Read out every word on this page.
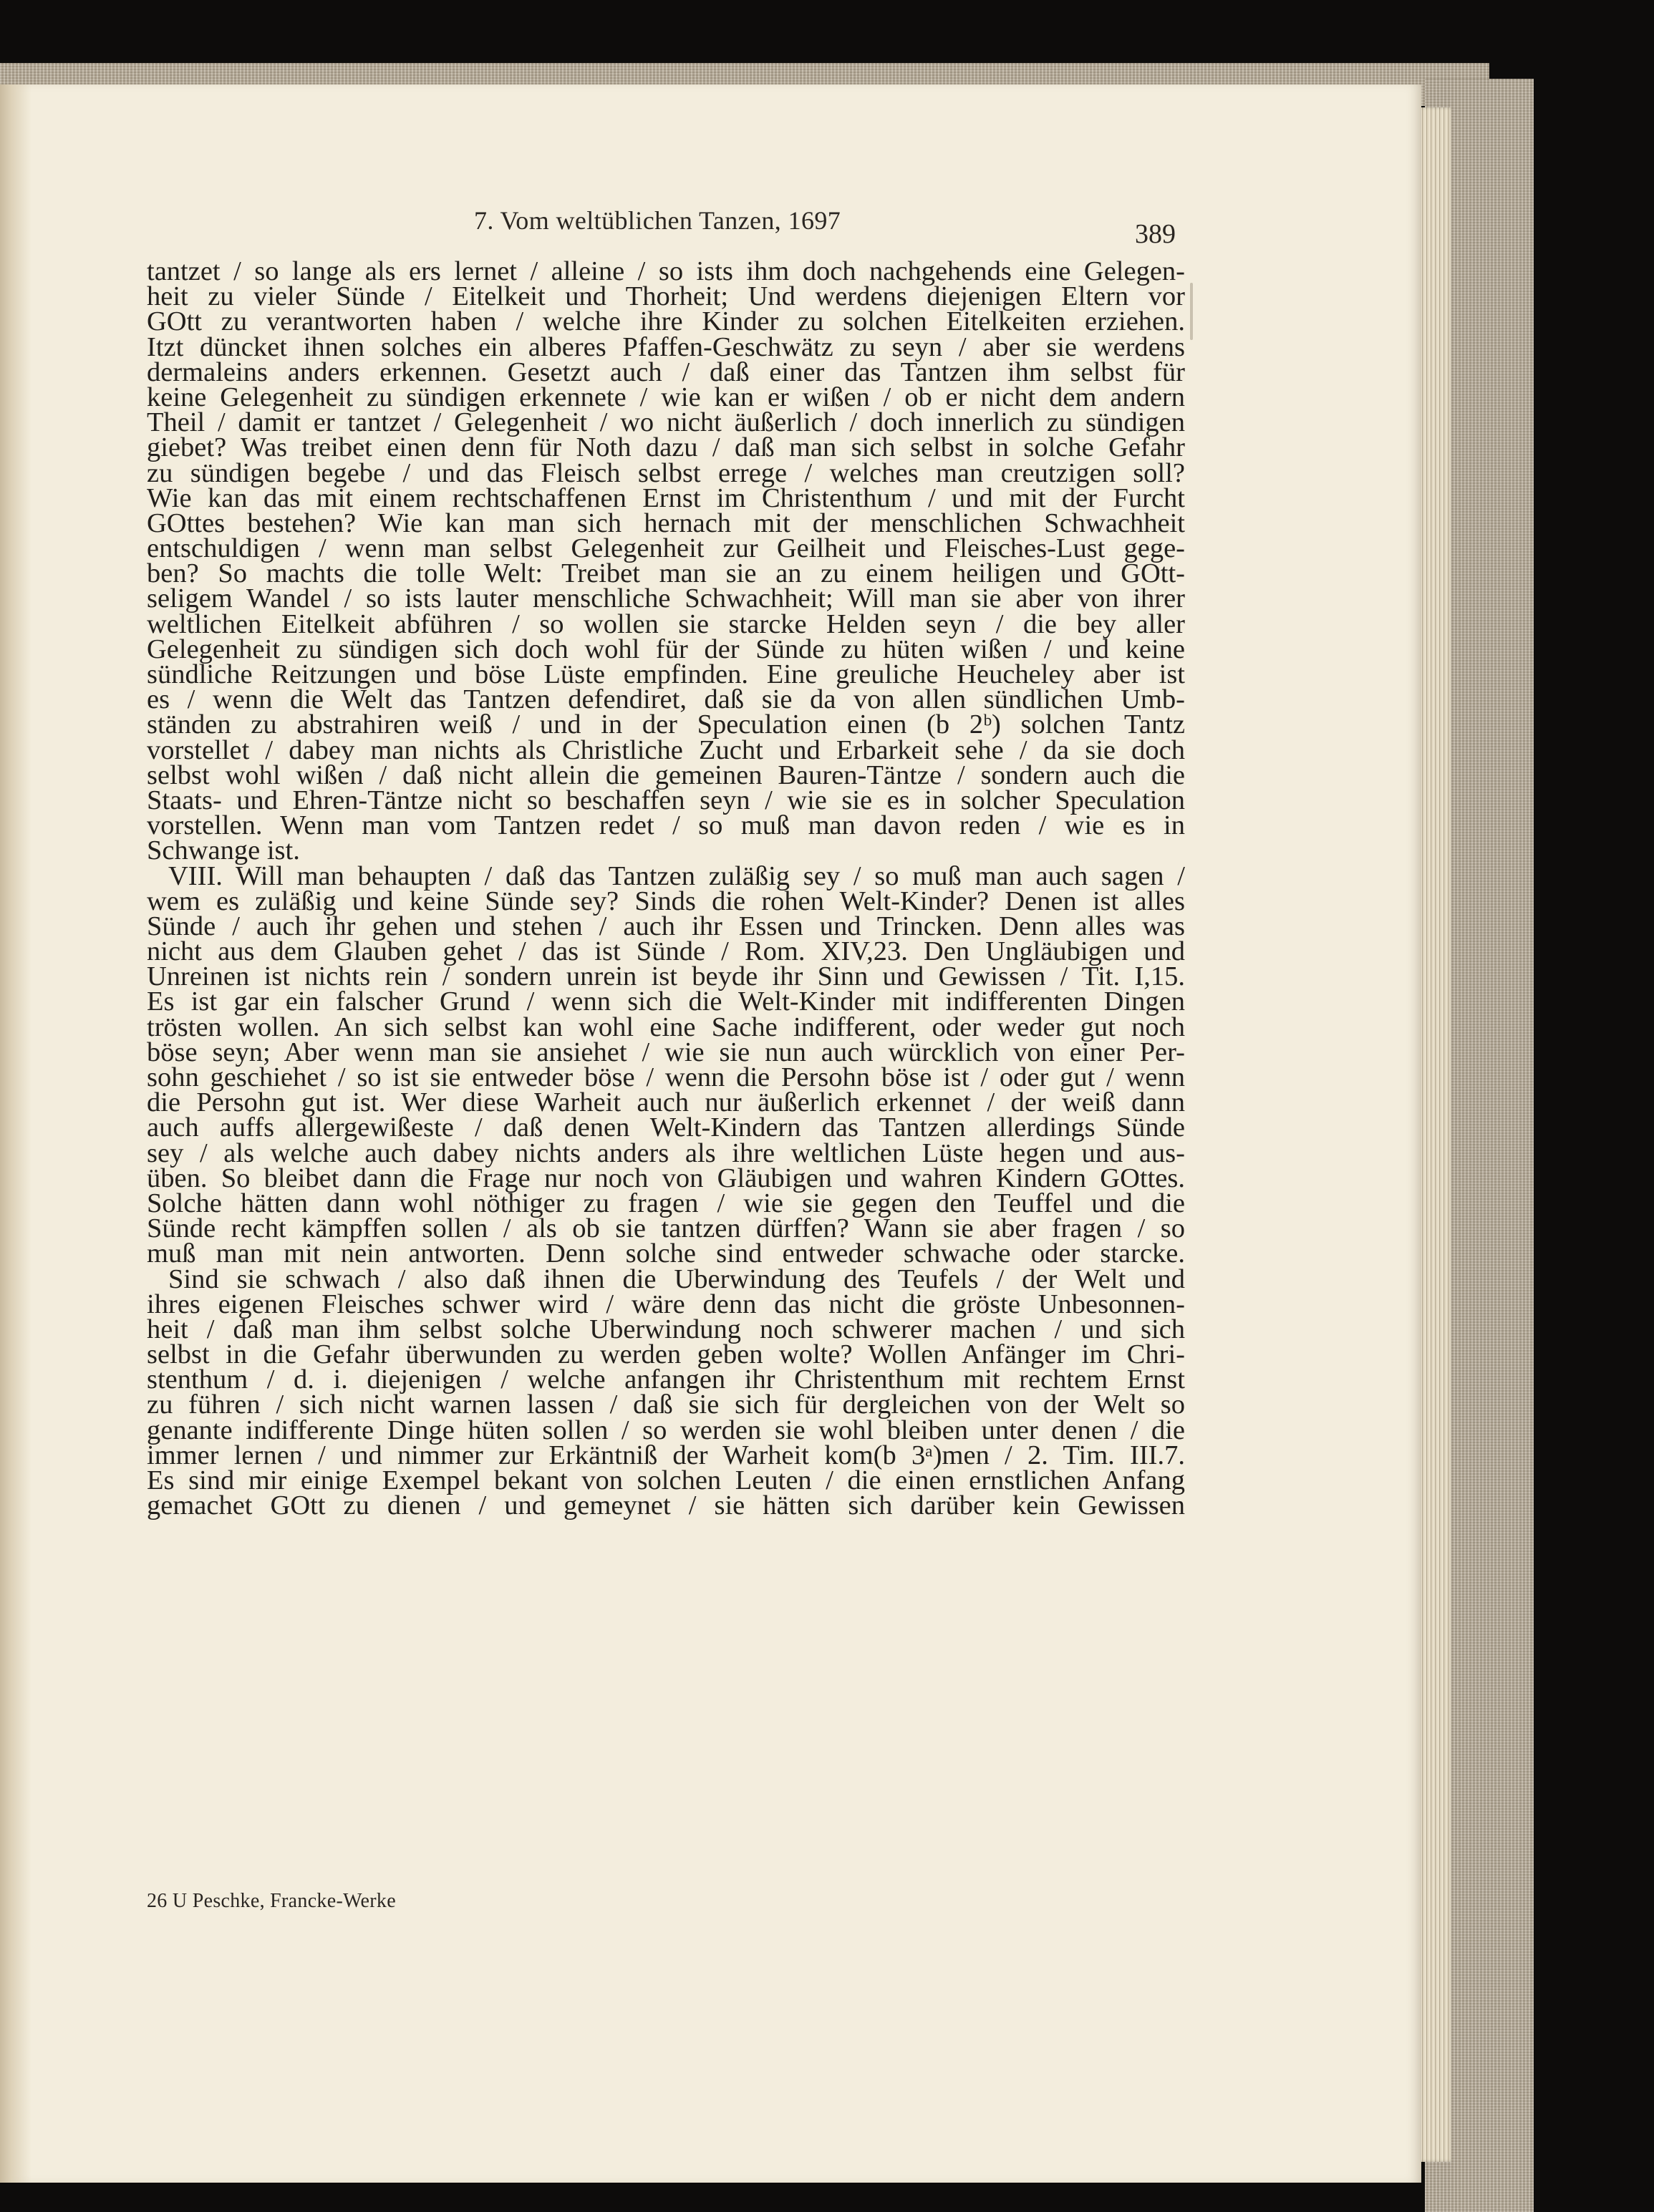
7. Vom weltüblichen Tanzen, 1697	389
tantzet / so lange als ers lernet / alleine / so ists ihm doch nachgehends eine Gelegen-
heit zu vieler Sünde / Eitelkeit und Thorheit; Und werdens diejenigen Eltern vor
GOtt zu verantworten haben / welche ihre Kinder zu solchen Eitelkeiten erziehen.
Itzt düncket ihnen solches ein alberes Pfaffen-Geschwätz zu seyn / aber sie werdens
dermaleins anders erkennen. Gesetzt auch / daß einer das Tantzen ihm selbst für
keine Gelegenheit zu sündigen erkennete / wie kan er wißen / ob er nicht dem andern
Theil / damit er tantzet / Gelegenheit / wo nicht äußerlich / doch innerlich zu sündigen
giebet? Was treibet einen denn für Noth dazu / daß man sich selbst in solche Gefahr
zu sündigen begebe / und das Fleisch selbst errege / welches man creutzigen soll?
Wie kan das mit einem rechtschaffenen Ernst im Christenthum / und mit der Furcht
GOttes bestehen? Wie kan man sich hernach mit der menschlichen Schwachheit
entschuldigen / wenn man selbst Gelegenheit zur Geilheit und Fleisches-Lust gege-
ben? So machts die tolle Welt: Treibet man sie an zu einem heiligen und GOtt-
seligem Wandel / so ists lauter menschliche Schwachheit; Will man sie aber von ihrer
weltlichen Eitelkeit abführen / so wollen sie starcke Helden seyn / die bey aller
Gelegenheit zu sündigen sich doch wohl für der Sünde zu hüten wißen / und keine
sündliche Reitzungen und böse Lüste empfinden. Eine greuliche Heucheley aber ist
es / wenn die Welt das Tantzen defendiret, daß sie da von allen sündlichen Umb-
ständen zu abstrahiren weiß / und in der Speculation einen (b 2ᵇ) solchen Tantz
vorstellet / dabey man nichts als Christliche Zucht und Erbarkeit sehe / da sie doch
selbst wohl wißen / daß nicht allein die gemeinen Bauren-Täntze / sondern auch die
Staats- und Ehren-Täntze nicht so beschaffen seyn / wie sie es in solcher Speculation
vorstellen. Wenn man vom Tantzen redet / so muß man davon reden / wie es in
Schwange ist.
VIII. Will man behaupten / daß das Tantzen zuläßig sey / so muß man auch sagen /
wem es zuläßig und keine Sünde sey? Sinds die rohen Welt-Kinder? Denen ist alles
Sünde / auch ihr gehen und stehen / auch ihr Essen und Trincken. Denn alles was
nicht aus dem Glauben gehet / das ist Sünde / Rom. XIV,23. Den Ungläubigen und
Unreinen ist nichts rein / sondern unrein ist beyde ihr Sinn und Gewissen / Tit. I,15.
Es ist gar ein falscher Grund / wenn sich die Welt-Kinder mit indifferenten Dingen
trösten wollen. An sich selbst kan wohl eine Sache indifferent, oder weder gut noch
böse seyn; Aber wenn man sie ansiehet / wie sie nun auch würcklich von einer Per-
sohn geschiehet / so ist sie entweder böse / wenn die Persohn böse ist / oder gut / wenn
die Persohn gut ist. Wer diese Warheit auch nur äußerlich erkennet / der weiß dann
auch auffs allergewißeste / daß denen Welt-Kindern das Tantzen allerdings Sünde
sey / als welche auch dabey nichts anders als ihre weltlichen Lüste hegen und aus-
üben. So bleibet dann die Frage nur noch von Gläubigen und wahren Kindern GOttes.
Solche hätten dann wohl nöthiger zu fragen / wie sie gegen den Teuffel und die
Sünde recht kämpffen sollen / als ob sie tantzen dürffen? Wann sie aber fragen / so
muß man mit nein antworten. Denn solche sind entweder schwache oder starcke.
Sind sie schwach / also daß ihnen die Uberwindung des Teufels / der Welt und
ihres eigenen Fleisches schwer wird / wäre denn das nicht die gröste Unbesonnen-
heit / daß man ihm selbst solche Uberwindung noch schwerer machen / und sich
selbst in die Gefahr überwunden zu werden geben wolte? Wollen Anfänger im Chri-
stenthum / d. i. diejenigen / welche anfangen ihr Christenthum mit rechtem Ernst
zu führen / sich nicht warnen lassen / daß sie sich für dergleichen von der Welt so
genante indifferente Dinge hüten sollen / so werden sie wohl bleiben unter denen / die
immer lernen / und nimmer zur Erkäntniß der Warheit kom(b 3ᵃ)men / 2. Tim. III.7.
Es sind mir einige Exempel bekant von solchen Leuten / die einen ernstlichen Anfang
gemachet GOtt zu dienen / und gemeynet / sie hätten sich darüber kein Gewissen
26 U Peschke, Francke-Werke
